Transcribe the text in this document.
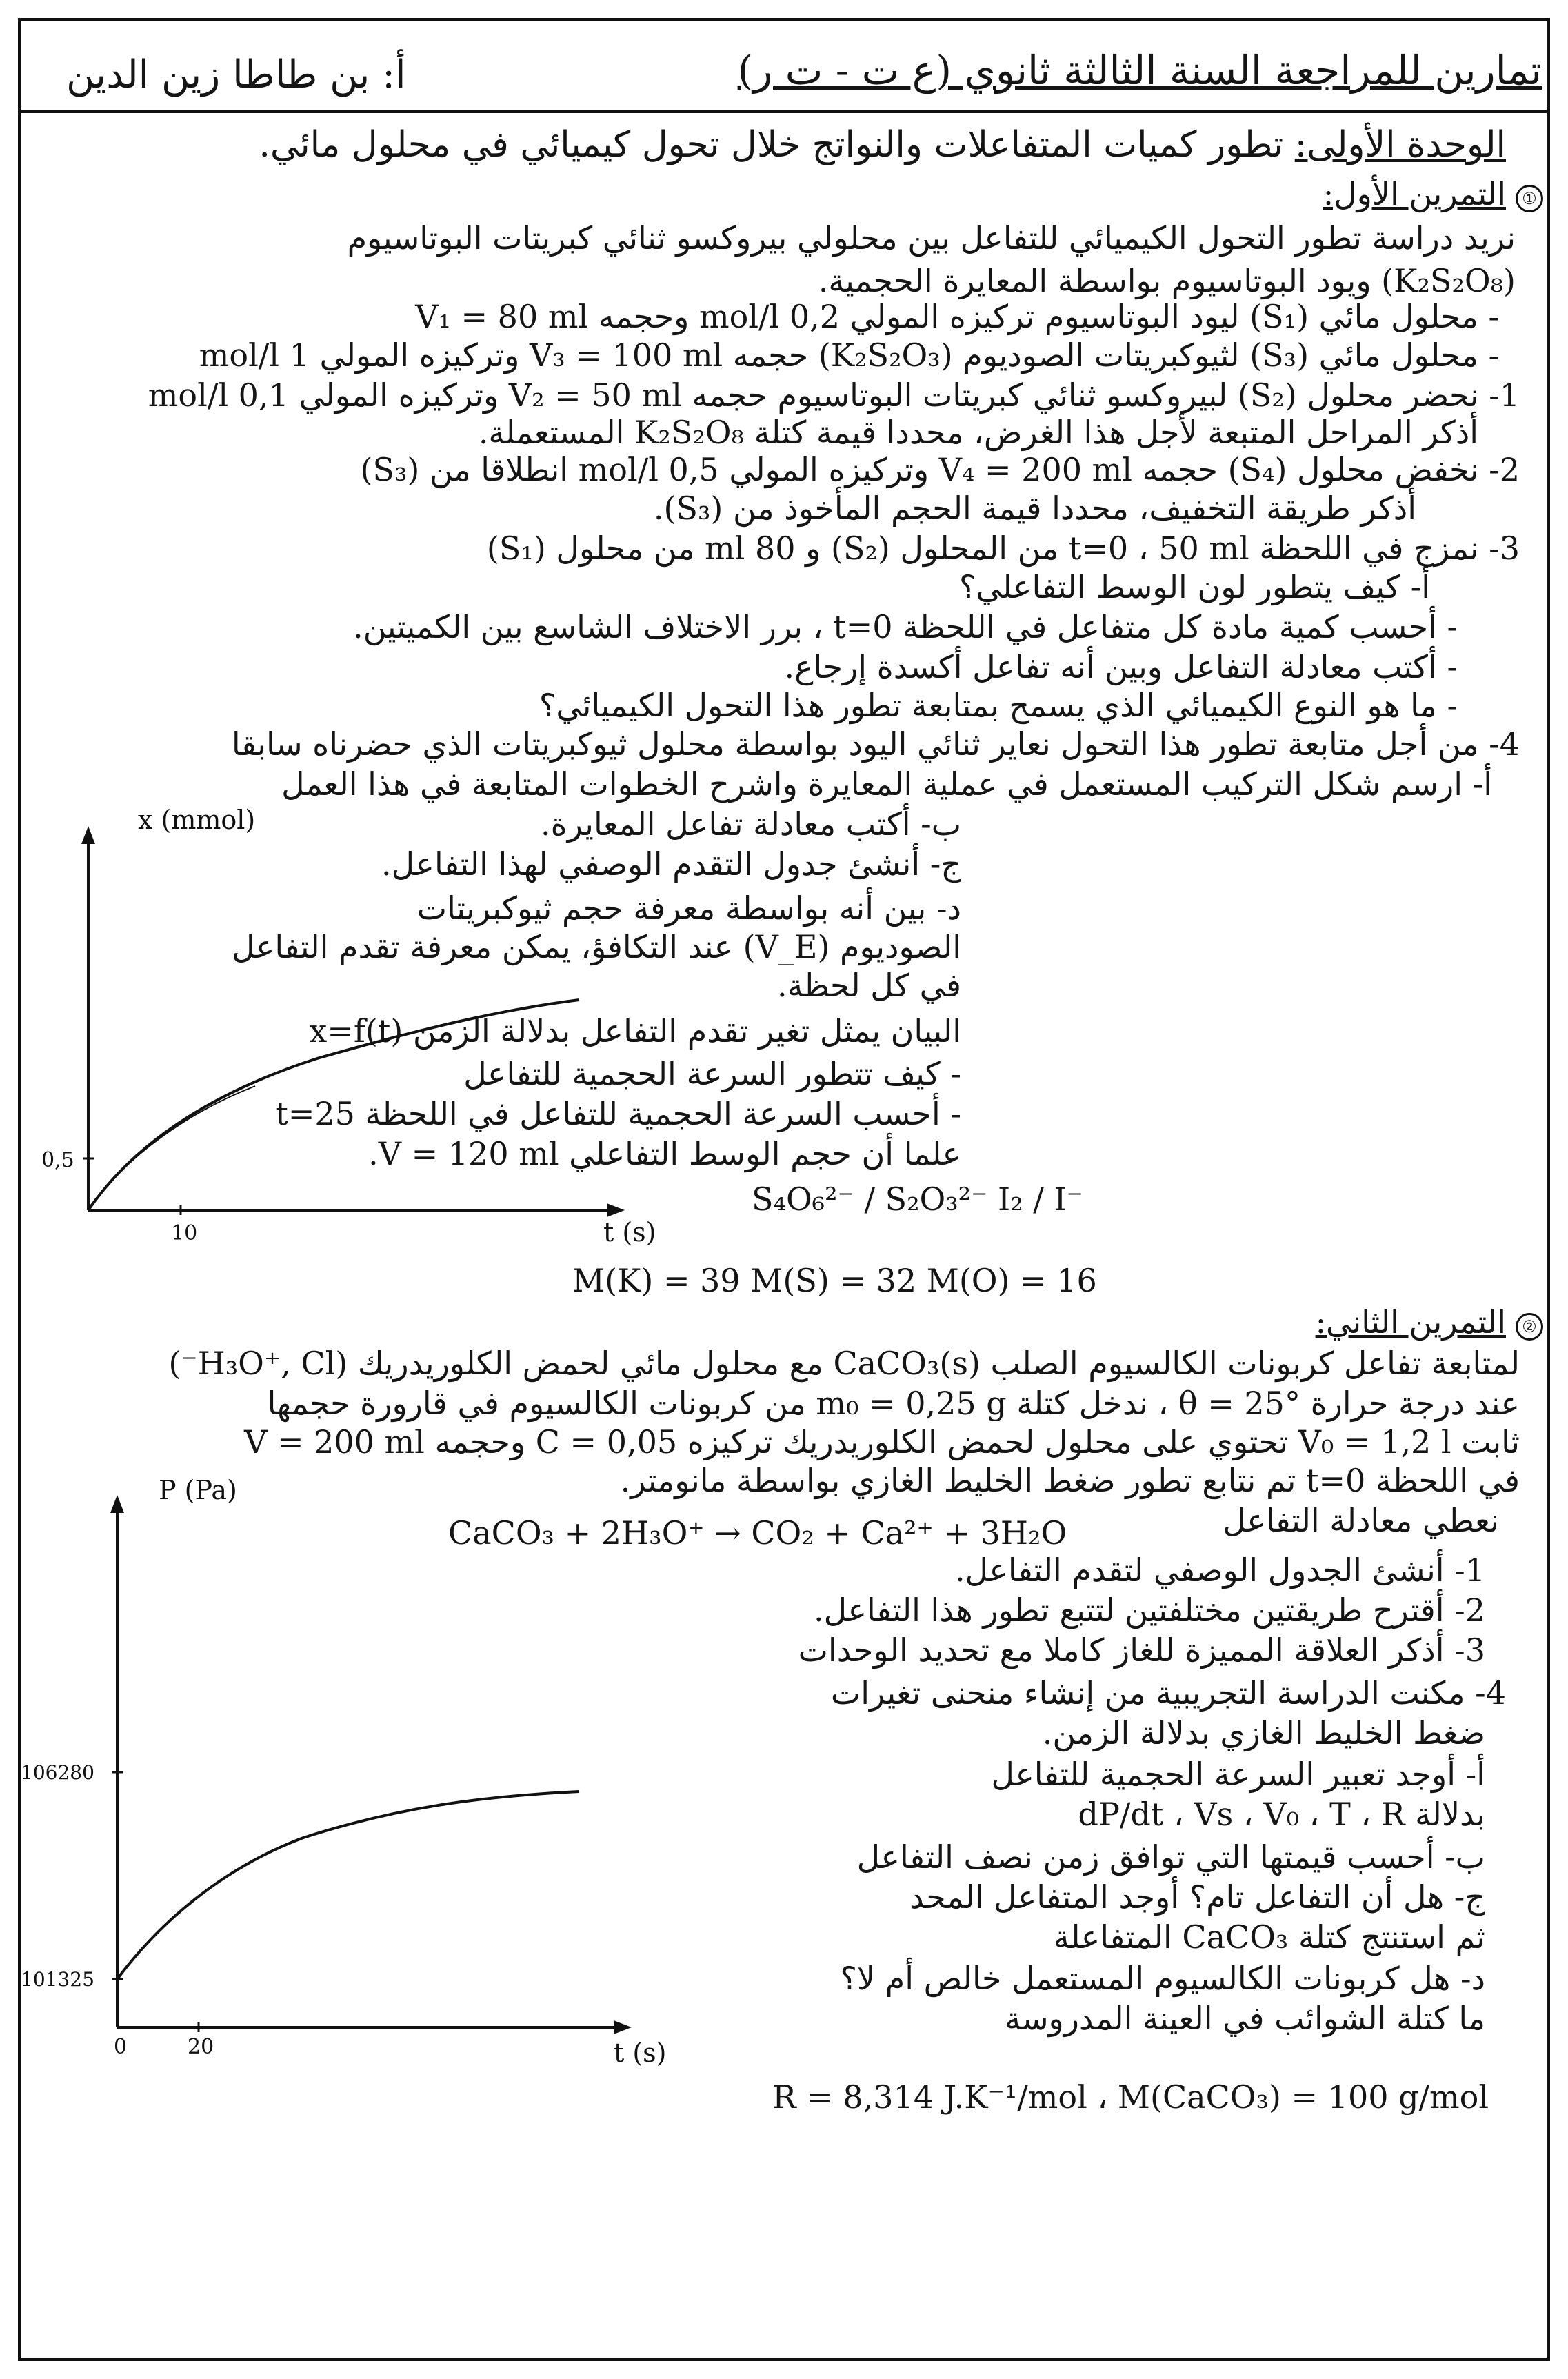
تمارين للمراجعة السنة الثالثة ثانوي (ع ت - ت ر)
أ: بن طاطا زين الدين
الوحدة الأولى: تطور كميات المتفاعلات والنواتج خلال تحول كيميائي في محلول مائي.
①
التمرين الأول:
نريد دراسة تطور التحول الكيميائي للتفاعل بين محلولي بيروكسو ثنائي كبريتات البوتاسيوم
(K₂S₂O₈) ويود البوتاسيوم بواسطة المعايرة الحجمية.
- محلول مائي (S₁) ليود البوتاسيوم تركيزه المولي 0,2 mol/l وحجمه V₁ = 80 ml
- محلول مائي (S₃) لثيوكبريتات الصوديوم (K₂S₂O₃) حجمه V₃ = 100 ml وتركيزه المولي 1 mol/l
1- نحضر محلول (S₂) لبيروكسو ثنائي كبريتات البوتاسيوم حجمه V₂ = 50 ml وتركيزه المولي 0,1 mol/l
أذكر المراحل المتبعة لأجل هذا الغرض، محددا قيمة كتلة K₂S₂O₈ المستعملة.
2- نخفض محلول (S₄) حجمه V₄ = 200 ml وتركيزه المولي 0,5 mol/l انطلاقا من (S₃)
أذكر طريقة التخفيف، محددا قيمة الحجم المأخوذ من (S₃).
3- نمزج في اللحظة t=0 ، 50 ml من المحلول (S₂) و 80 ml من محلول (S₁)
أ- كيف يتطور لون الوسط التفاعلي؟
- أحسب كمية مادة كل متفاعل في اللحظة t=0 ، برر الاختلاف الشاسع بين الكميتين.
- أكتب معادلة التفاعل وبين أنه تفاعل أكسدة إرجاع.
- ما هو النوع الكيميائي الذي يسمح بمتابعة تطور هذا التحول الكيميائي؟
4- من أجل متابعة تطور هذا التحول نعاير ثنائي اليود بواسطة محلول ثيوكبريتات الذي حضرناه سابقا
أ- ارسم شكل التركيب المستعمل في عملية المعايرة واشرح الخطوات المتابعة في هذا العمل
ب- أكتب معادلة تفاعل المعايرة.
ج- أنشئ جدول التقدم الوصفي لهذا التفاعل.
د- بين أنه بواسطة معرفة حجم ثيوكبريتات
الصوديوم (V_E) عند التكافؤ، يمكن معرفة تقدم التفاعل
في كل لحظة.
البيان يمثل تغير تقدم التفاعل بدلالة الزمن x=f(t)
- كيف تتطور السرعة الحجمية للتفاعل
- أحسب السرعة الحجمية للتفاعل في اللحظة t=25
علما أن حجم الوسط التفاعلي V = 120 ml.
S₄O₆²⁻ / S₂O₃²⁻ I₂ / I⁻
M(K) = 39 M(S) = 32 M(O) = 16
x (mmol)
t (s)
0,5
10
②
التمرين الثاني:
لمتابعة تفاعل كربونات الكالسيوم الصلب CaCO₃(s) مع محلول مائي لحمض الكلوريدريك (H₃O⁺, Cl⁻)
عند درجة حرارة θ = 25° ، ندخل كتلة m₀ = 0,25 g من كربونات الكالسيوم في قارورة حجمها
ثابت V₀ = 1,2 l تحتوي على محلول لحمض الكلوريدريك تركيزه C = 0,05 وحجمه V = 200 ml
في اللحظة t=0 تم نتابع تطور ضغط الخليط الغازي بواسطة مانومتر.
نعطي معادلة التفاعل
CaCO₃ + 2H₃O⁺ → CO₂ + Ca²⁺ + 3H₂O
1- أنشئ الجدول الوصفي لتقدم التفاعل.
2- أقترح طريقتين مختلفتين لتتبع تطور هذا التفاعل.
3- أذكر العلاقة المميزة للغاز كاملا مع تحديد الوحدات
4- مكنت الدراسة التجريبية من إنشاء منحنى تغيرات
ضغط الخليط الغازي بدلالة الزمن.
أ- أوجد تعبير السرعة الحجمية للتفاعل
بدلالة dP/dt ، Vs ، V₀ ، T ، R
ب- أحسب قيمتها التي توافق زمن نصف التفاعل
ج- هل أن التفاعل تام؟ أوجد المتفاعل المحد
ثم استنتج كتلة CaCO₃ المتفاعلة
د- هل كربونات الكالسيوم المستعمل خالص أم لا؟
ما كتلة الشوائب في العينة المدروسة
R = 8,314 J.K⁻¹/mol ، M(CaCO₃) = 100 g/mol
P (Pa)
t (s)
106280
101325
0	20
